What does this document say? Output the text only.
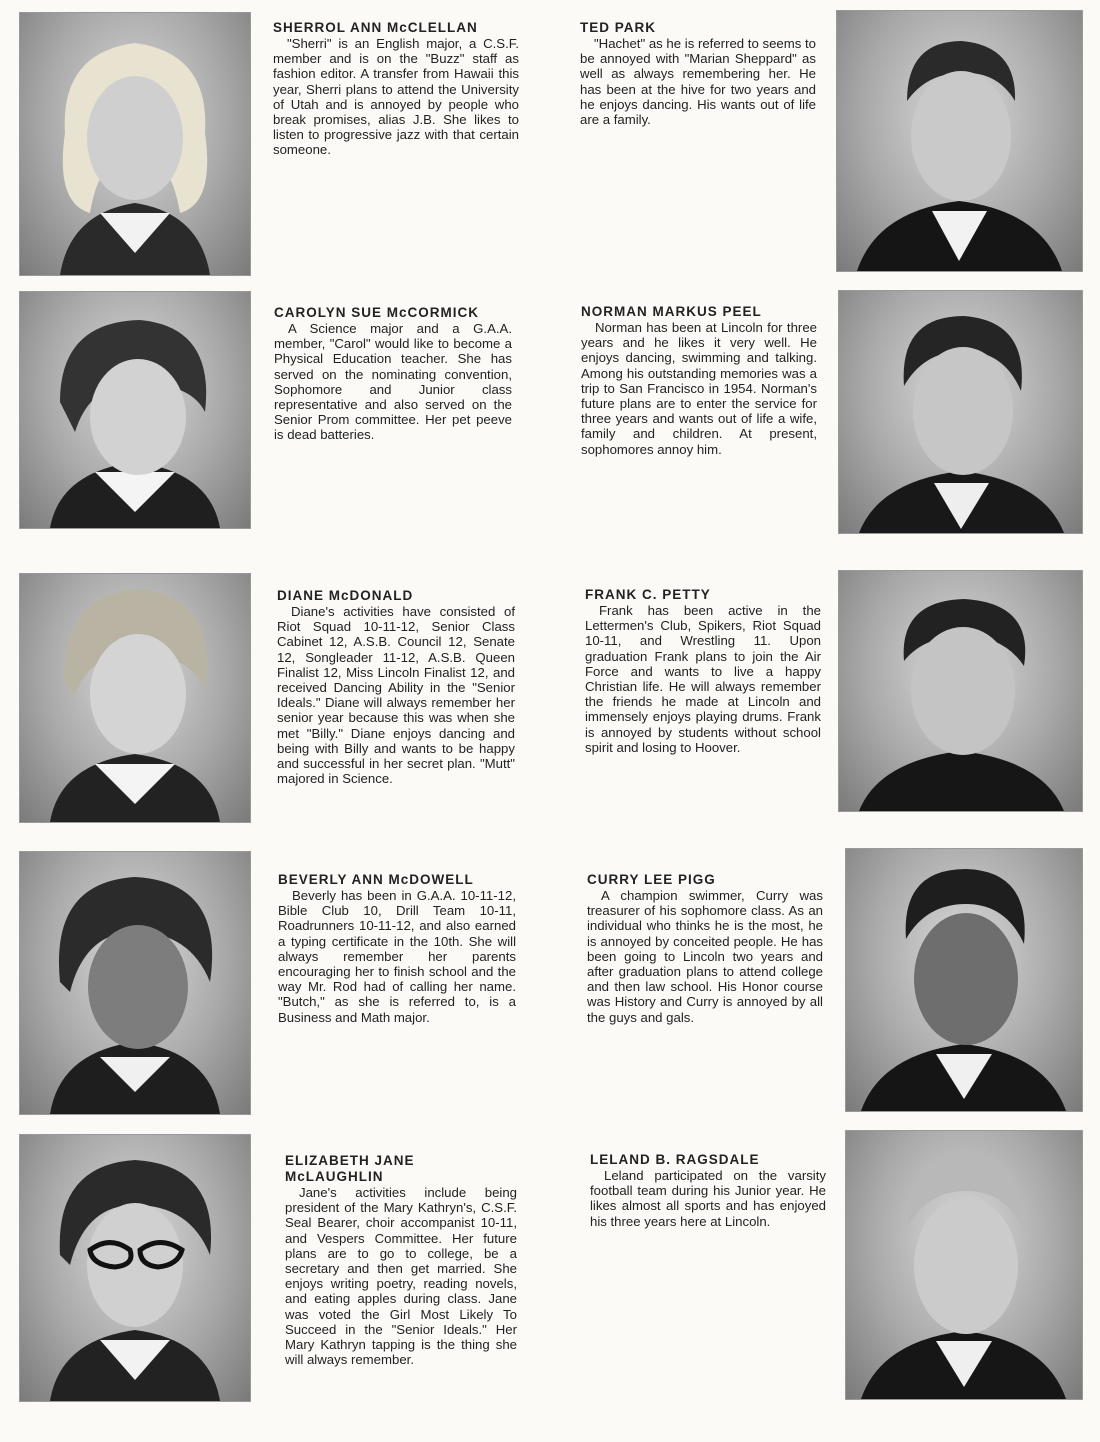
SHERROL ANN McCLELLAN

"Sherri" is an English major, a C.S.F. member and is on the "Buzz" staff as fashion editor. A transfer from Hawaii this year, Sherri plans to attend the University of Utah and is annoyed by people who break promises, alias J.B. She likes to listen to progressive jazz with that certain someone.

CAROLYN SUE McCORMICK

A Science major and a G.A.A. member, "Carol" would like to become a Physical Education teacher. She has served on the nominating convention, Sophomore and Junior class representative and also served on the Senior Prom committee. Her pet peeve is dead batteries.

DIANE McDONALD

Diane's activities have consisted of Riot Squad 10-11-12, Senior Class Cabinet 12, A.S.B. Council 12, Senate 12, Songleader 11-12, A.S.B. Queen Finalist 12, Miss Lincoln Finalist 12, and received Dancing Ability in the "Senior Ideals." Diane will always remember her senior year because this was when she met "Billy." Diane enjoys dancing and being with Billy and wants to be happy and successful in her secret plan. "Mutt" majored in Science.

BEVERLY ANN McDOWELL

Beverly has been in G.A.A. 10-11-12, Bible Club 10, Drill Team 10-11, Roadrunners 10-11-12, and also earned a typing certificate in the 10th. She will always remember her parents encouraging her to finish school and the way Mr. Rod had of calling her name. "Butch," as she is referred to, is a Business and Math major.

ELIZABETH JANE McLAUGHLIN

Jane's activities include being president of the Mary Kathryn's, C.S.F. Seal Bearer, choir accompanist 10-11, and Vespers Committee. Her future plans are to go to college, be a secretary and then get married. She enjoys writing poetry, reading novels, and eating apples during class. Jane was voted the Girl Most Likely To Succeed in the "Senior Ideals." Her Mary Kathryn tapping is the thing she will always remember.

TED PARK

"Hachet" as he is referred to seems to be annoyed with "Marian Sheppard" as well as always remembering her. He has been at the hive for two years and he enjoys dancing. His wants out of life are a family.

NORMAN MARKUS PEEL

Norman has been at Lincoln for three years and he likes it very well. He enjoys dancing, swimming and talking. Among his outstanding memories was a trip to San Francisco in 1954. Norman's future plans are to enter the service for three years and wants out of life a wife, family and children. At present, sophomores annoy him.

FRANK C. PETTY

Frank has been active in the Lettermen's Club, Spikers, Riot Squad 10-11, and Wrestling 11. Upon graduation Frank plans to join the Air Force and wants to live a happy Christian life. He will always remember the friends he made at Lincoln and immensely enjoys playing drums. Frank is annoyed by students without school spirit and losing to Hoover.

CURRY LEE PIGG

A champion swimmer, Curry was treasurer of his sophomore class. As an individual who thinks he is the most, he is annoyed by conceited people. He has been going to Lincoln two years and after graduation plans to attend college and then law school. His Honor course was History and Curry is annoyed by all the guys and gals.

LELAND B. RAGSDALE

Leland participated on the varsity football team during his Junior year. He likes almost all sports and has enjoyed his three years here at Lincoln.
